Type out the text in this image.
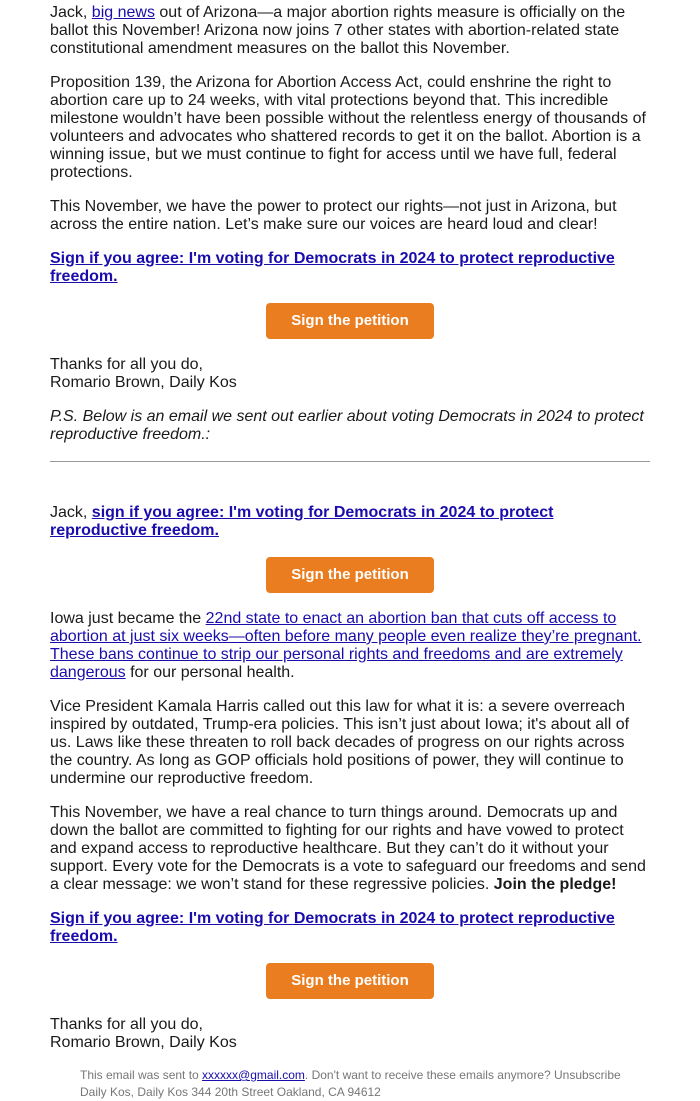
Jack, big news out of Arizona—a major abortion rights measure is officially on the ballot this November! Arizona now joins 7 other states with abortion-related state constitutional amendment measures on the ballot this November.

Proposition 139, the Arizona for Abortion Access Act, could enshrine the right to abortion care up to 24 weeks, with vital protections beyond that. This incredible milestone wouldn’t have been possible without the relentless energy of thousands of volunteers and advocates who shattered records to get it on the ballot. Abortion is a winning issue, but we must continue to fight for access until we have full, federal protections.

This November, we have the power to protect our rights—not just in Arizona, but across the entire nation. Let’s make sure our voices are heard loud and clear!

Sign if you agree: I'm voting for Democrats in 2024 to protect reproductive freedom.

Sign the petition

Thanks for all you do,

Romario Brown, Daily Kos

P.S. Below is an email we sent out earlier about voting Democrats in 2024 to protect reproductive freedom.:

Jack, sign if you agree: I'm voting for Democrats in 2024 to protect reproductive freedom.

Sign the petition

Iowa just became the 22nd state to enact an abortion ban that cuts off access to abortion at just six weeks—often before many people even realize they’re pregnant. These bans continue to strip our personal rights and freedoms and are extremely dangerous for our personal health.

Vice President Kamala Harris called out this law for what it is: a severe overreach inspired by outdated, Trump-era policies. This isn’t just about Iowa; it's about all of us. Laws like these threaten to roll back decades of progress on our rights across the country. As long as GOP officials hold positions of power, they will continue to undermine our reproductive freedom.

This November, we have a real chance to turn things around. Democrats up and down the ballot are committed to fighting for our rights and have vowed to protect and expand access to reproductive healthcare. But they can’t do it without your support. Every vote for the Democrats is a vote to safeguard our freedoms and send a clear message: we won’t stand for these regressive policies. Join the pledge!

Sign if you agree: I'm voting for Democrats in 2024 to protect reproductive freedom.

Sign the petition

Thanks for all you do,

Romario Brown, Daily Kos

This email was sent to xxxxxx@gmail.com. Don't want to receive these emails anymore? Unsubscribe
Daily Kos, Daily Kos 344 20th Street Oakland, CA 94612
